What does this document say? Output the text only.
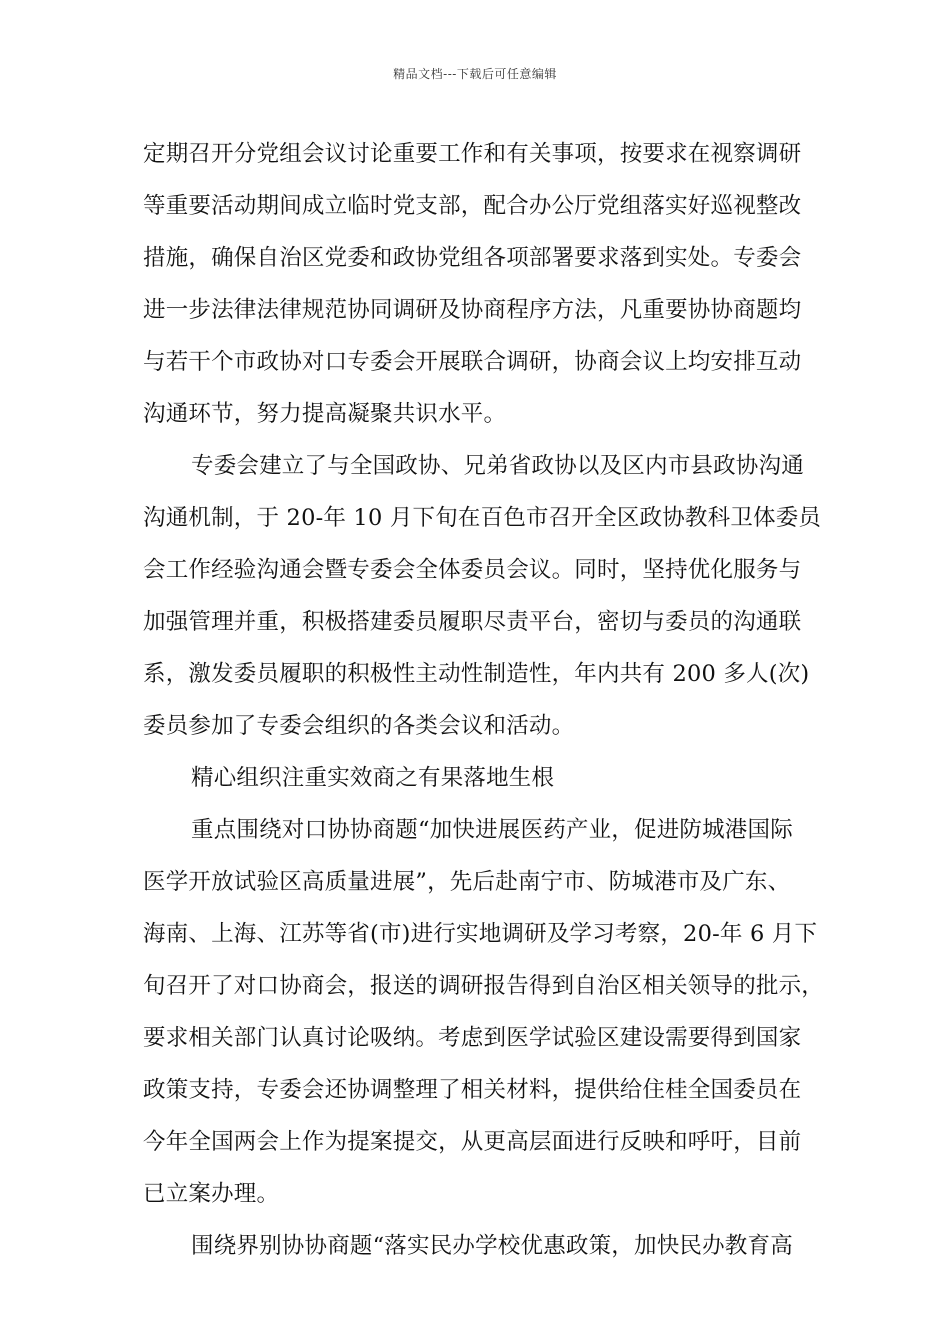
精品文档---下载后可任意编辑
定期召开分党组会议讨论重要工作和有关事项，按要求在视察调研
等重要活动期间成立临时党支部，配合办公厅党组落实好巡视整改
措施，确保自治区党委和政协党组各项部署要求落到实处。专委会
进一步法律法律规范协同调研及协商程序方法，凡重要协协商题均
与若干个市政协对口专委会开展联合调研，协商会议上均安排互动
沟通环节，努力提高凝聚共识水平。
专委会建立了与全国政协、兄弟省政协以及区内市县政协沟通
沟通机制，于 20-年 10 月下旬在百色市召开全区政协教科卫体委员
会工作经验沟通会暨专委会全体委员会议。同时，坚持优化服务与
加强管理并重，积极搭建委员履职尽责平台，密切与委员的沟通联
系，激发委员履职的积极性主动性制造性，年内共有 200 多人(次)
委员参加了专委会组织的各类会议和活动。
精心组织注重实效商之有果落地生根
重点围绕对口协协商题“加快进展医药产业，促进防城港国际
医学开放试验区高质量进展”，先后赴南宁市、防城港市及广东、
海南、上海、江苏等省(市)进行实地调研及学习考察，20-年 6 月下
旬召开了对口协商会，报送的调研报告得到自治区相关领导的批示，
要求相关部门认真讨论吸纳。考虑到医学试验区建设需要得到国家
政策支持，专委会还协调整理了相关材料，提供给住桂全国委员在
今年全国两会上作为提案提交，从更高层面进行反映和呼吁，目前
已立案办理。
围绕界别协协商题“落实民办学校优惠政策，加快民办教育高
